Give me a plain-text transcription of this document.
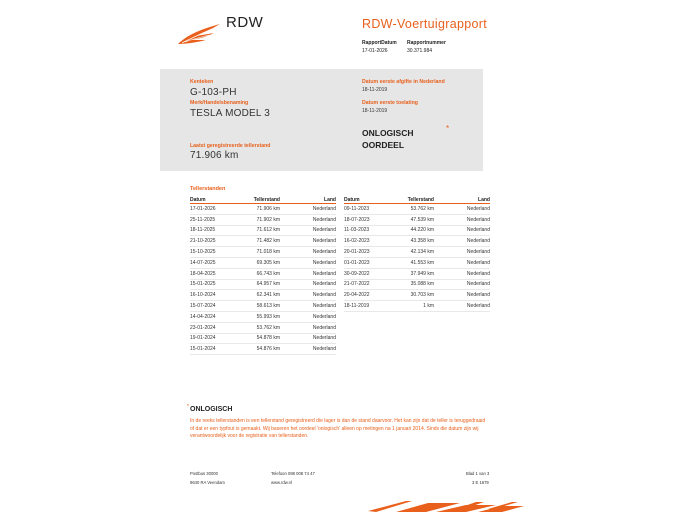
RDW	RDW-Voertuigrapport
RapportDatum
17-01-2026
Rapportnummer
30.371.984
Kenteken
G-103-PH
Merk/Handelsbenaming
TESLA MODEL 3
Laatst geregistreerde tellerstand
71.906 km
Datum eerste afgifte in Nederland
18-11-2019
Datum eerste toelating
18-11-2019
ONLOGISCH
OORDEEL
*
Tellerstanden
Datum	Tellerstand	Land
17-01-2026	71.906 km	Nederland
25-11-2025	71.902 km	Nederland
18-11-2025	71.612 km	Nederland
21-10-2025	71.482 km	Nederland
15-10-2025	71.018 km	Nederland
14-07-2025	69.305 km	Nederland
18-04-2025	66.743 km	Nederland
15-01-2025	64.957 km	Nederland
16-10-2024	62.341 km	Nederland
15-07-2024	58.613 km	Nederland
14-04-2024	55.993 km	Nederland
23-01-2024	53.762 km	Nederland
19-01-2024	54.878 km	Nederland
15-01-2024	54.876 km	Nederland
Datum	Tellerstand	Land
09-11-2023	53.762 km	Nederland
18-07-2023	47.539 km	Nederland
11-03-2023	44.220 km	Nederland
16-02-2023	43.358 km	Nederland
20-01-2023	42.134 km	Nederland
01-01-2023	41.553 km	Nederland
30-09-2022	37.949 km	Nederland
21-07-2022	35.088 km	Nederland
20-04-2022	30.703 km	Nederland
18-11-2019	1 km	Nederland
* ONLOGISCH
In de reeks tellerstanden is een tellerstand geregistreerd die lager is dan de stand daarvoor. Het kan zijn dat de teller is teruggedraaid of dat er een typfout is gemaakt. Wij baseren het oordeel 'onlogisch' alleen op metingen na 1 januari 2014. Sinds die datum zijn wij verantwoordelijk voor de registratie van tellerstanden.
Postbus 30000
9640 RA Veendam
Telefoon 088 008 74 47
www.rdw.nl
Blad 1 van 3
3 E 1679
